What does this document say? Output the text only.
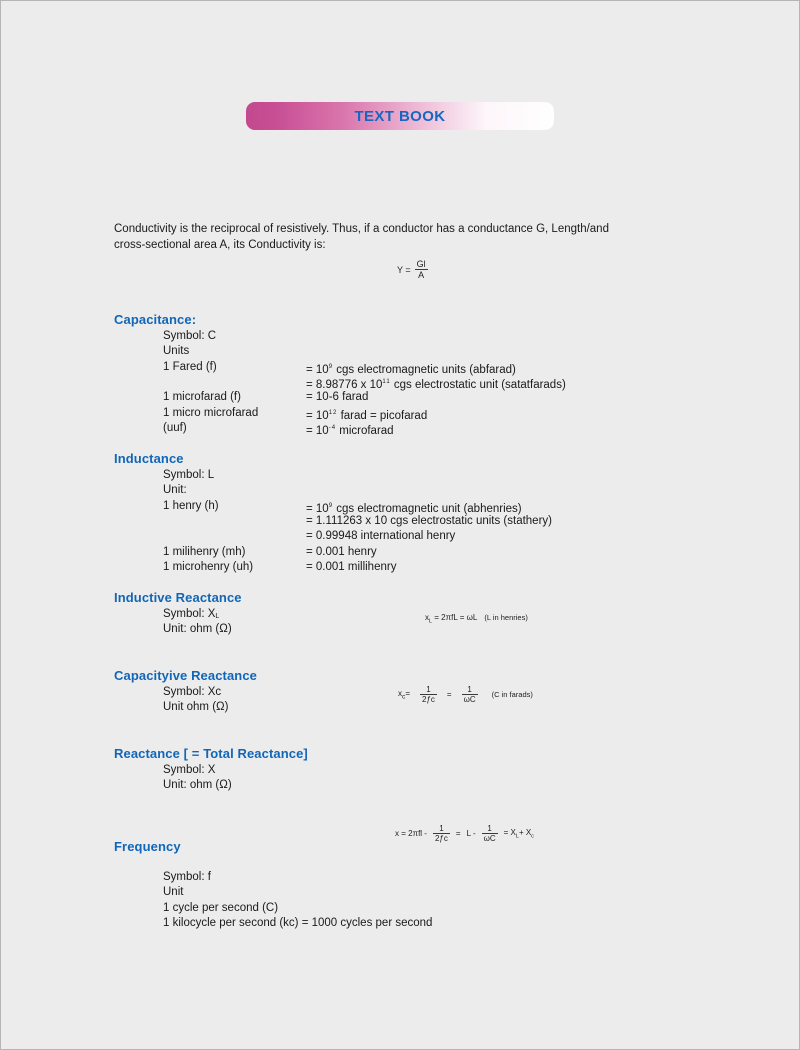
TEXT BOOK
Conductivity is the reciprocal of resistively. Thus, if a conductor has a conductance G, Length/and
cross-sectional area A, its Conductivity is:
$Y = \frac{Gl}{A}$
Capacitance:
Symbol: C
Units
1 Fared (f)	= $10^9$ cgs electromagnetic units (abfarad)
= 8.98776 x $10^{11}$ cgs electrostatic unit (satatfarads)
1 microfarad (f)	= 10-6 farad
1 micro microfarad	= $10^{12}$ farad = picofarad
(uuf)	= $10^{-4}$ microfarad
Inductance
Symbol: L
Unit:
1 henry (h)	= $10^9$ cgs electromagnetic unit (abhenries)
= 1.111263 x 10 cgs electrostatic units (stathery)
= 0.99948 international henry
1 milihenry (mh)	= 0.001 henry
1 microhenry (uh)	= 0.001 millihenry
Inductive Reactance
Symbol: $X_L$
Unit: ohm (Ω)
$x_L = 2\pi fL = \omega L$ (L in henries)
Capacityive Reactance
Symbol: Xc
Unit ohm (Ω)
$x_c= \frac{1}{2ƒc} = \frac{1}{\omega C} (C$ in farads)
Reactance [ = Total Reactance]
Symbol: X
Unit: ohm (Ω)
$x = 2\pi fl - \frac{1}{2ƒc} = L - \frac{1}{\omega C} = X_L+ X_c$
Frequency
Symbol: f
Unit
1 cycle per second (C)
1 kilocycle per second (kc) = 1000 cycles per second
